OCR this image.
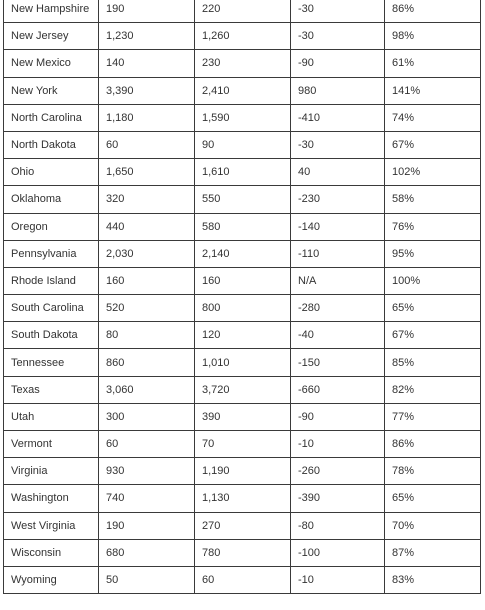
New Hampshire	190	220	-30	86%
New Jersey	1,230	1,260	-30	98%
New Mexico	140	230	-90	61%
New York	3,390	2,410	980	141%
North Carolina	1,180	1,590	-410	74%
North Dakota	60	90	-30	67%
Ohio	1,650	1,610	40	102%
Oklahoma	320	550	-230	58%
Oregon	440	580	-140	76%
Pennsylvania	2,030	2,140	-110	95%
Rhode Island	160	160	N/A	100%
South Carolina	520	800	-280	65%
South Dakota	80	120	-40	67%
Tennessee	860	1,010	-150	85%
Texas	3,060	3,720	-660	82%
Utah	300	390	-90	77%
Vermont	60	70	-10	86%
Virginia	930	1,190	-260	78%
Washington	740	1,130	-390	65%
West Virginia	190	270	-80	70%
Wisconsin	680	780	-100	87%
Wyoming	50	60	-10	83%
